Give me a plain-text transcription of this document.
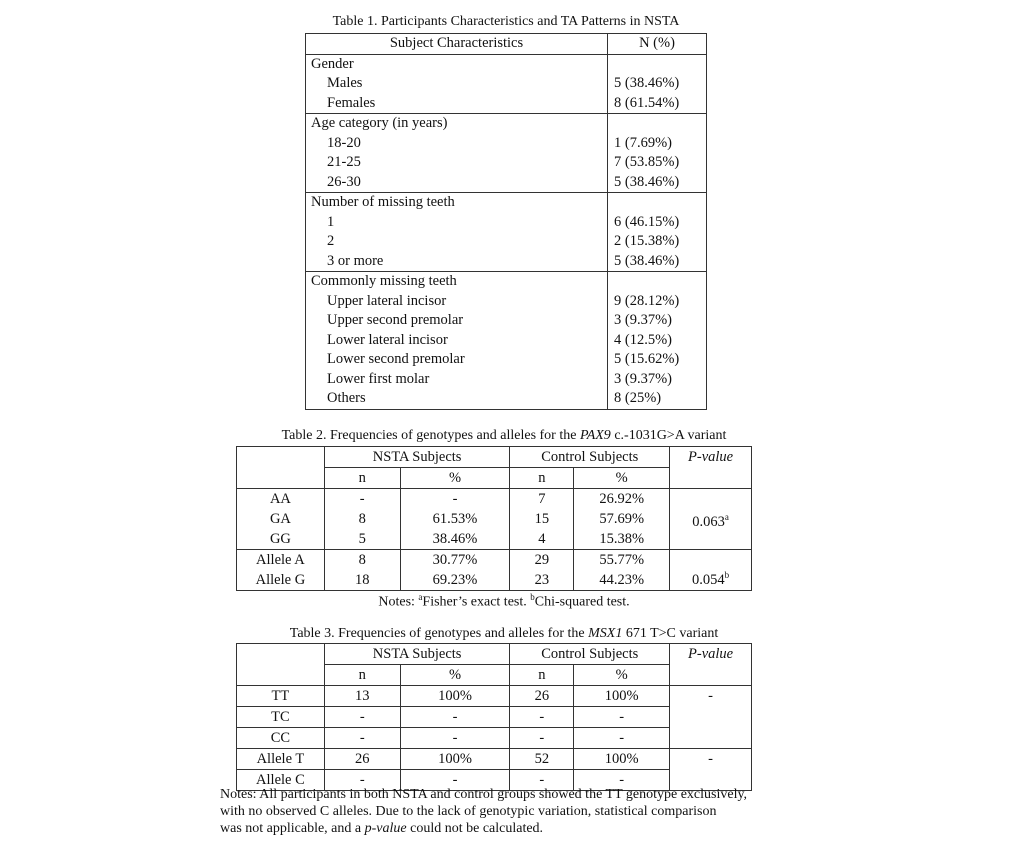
Table 1. Participants Characteristics and TA Patterns in NSTA
Subject Characteristics	N (%)
Gender	
Males	5 (38.46%)
Females	8 (61.54%)
Age category (in years)	
18-20	1 (7.69%)
21-25	7 (53.85%)
26-30	5 (38.46%)
Number of missing teeth	
1	6 (46.15%)
2	2 (15.38%)
3 or more	5 (38.46%)
Commonly missing teeth	
Upper lateral incisor	9 (28.12%)
Upper second premolar	3 (9.37%)
Lower lateral incisor	4 (12.5%)
Lower second premolar	5 (15.62%)
Lower first molar	3 (9.37%)
Others	8 (25%)
Table 2. Frequencies of genotypes and alleles for the PAX9 c.-1031G>A variant
	NSTA Subjects		Control Subjects		P-value
	n	%	n	%	
AA	-	-	7	26.92%	0.063$^a$
GA	8	61.53%	15	57.69%	
GG	5	38.46%	4	15.38%	
Allele A	8	30.77%	29	55.77%	0.054$^b$
Allele G	18	69.23%	23	44.23%	
Notes: $^a$Fisher’s exact test. $^b$Chi-squared test.
Table 3. Frequencies of genotypes and alleles for the MSX1 671 T>C variant
	NSTA Subjects		Control Subjects		P-value
	n	%	n	%	
TT	13	100%	26	100%	-
TC	-	-	-	-	
CC	-	-	-	-	
Allele T	26	100%	52	100%	-
Allele C	-	-	-	-	
Notes: All participants in both NSTA and control groups showed the TT genotype exclusively,
with no observed C alleles. Due to the lack of genotypic variation, statistical comparison
was not applicable, and a p-value could not be calculated.
